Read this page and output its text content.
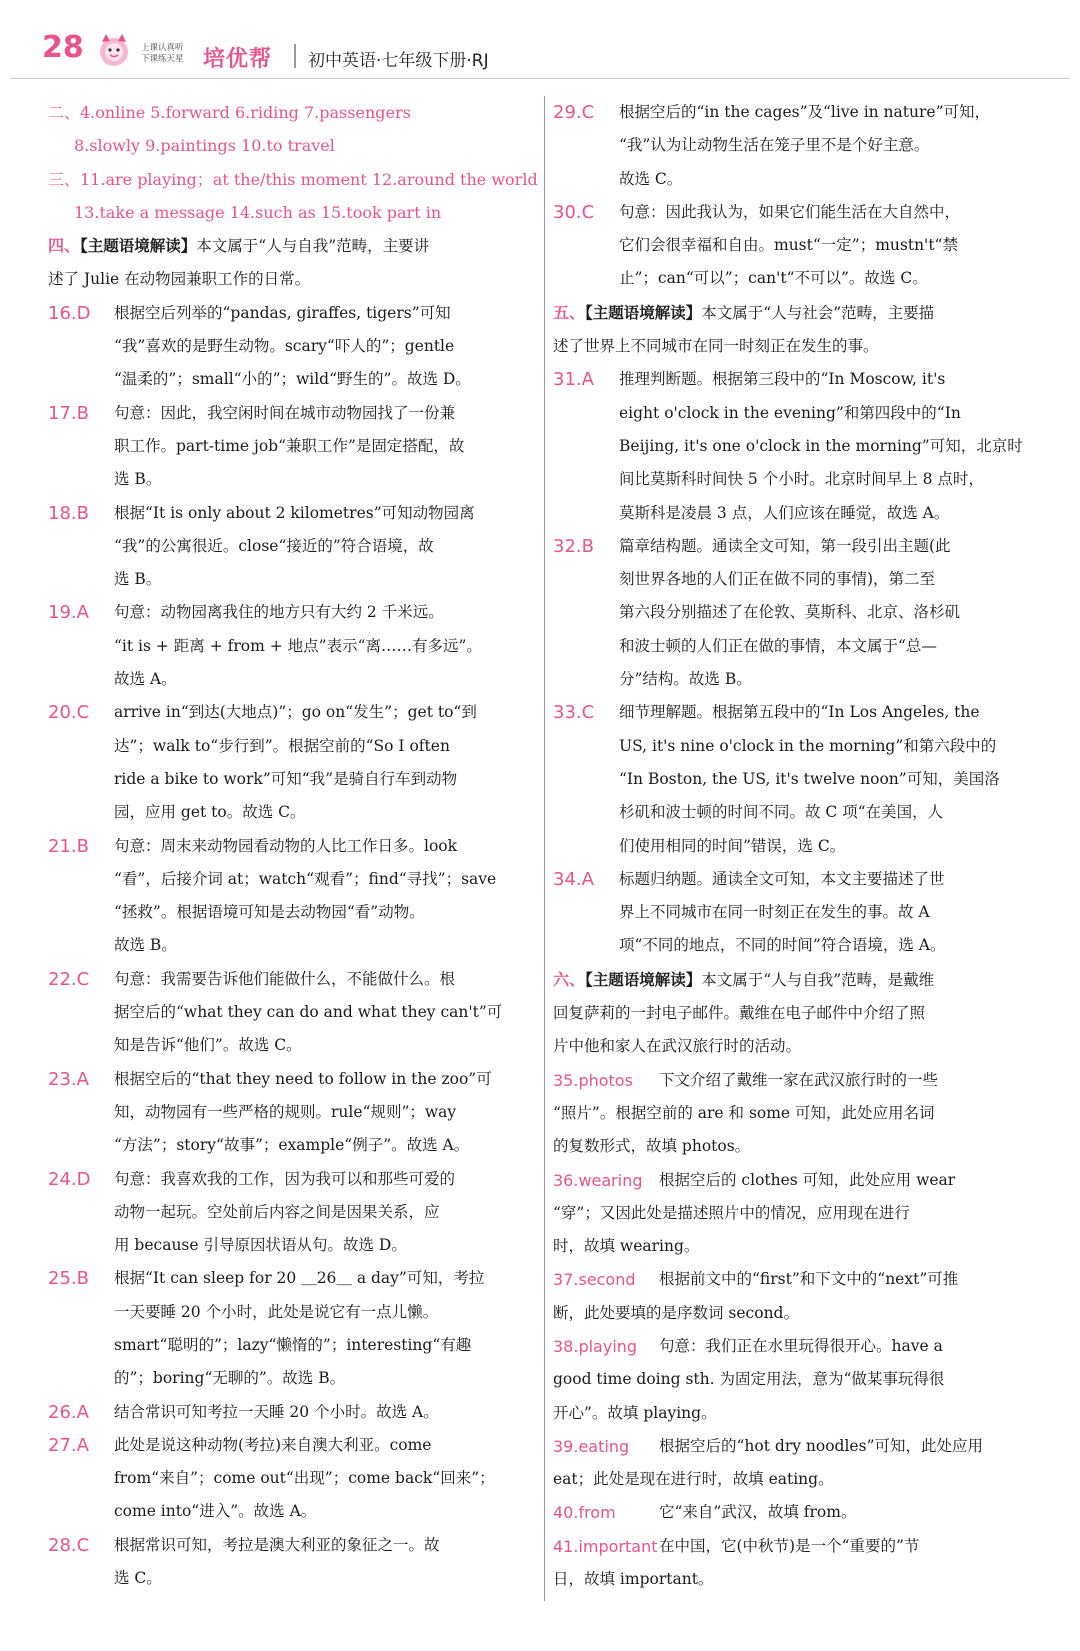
28	上课认真听
下课练天星 培优帮 初中英语·七年级下册·RJ
二、4.online 5.forward 6.riding 7.passengers
8.slowly 9.paintings 10.to travel
三、11.are playing；at the/this moment 12.around the world
13.take a message 14.such as 15.took part in
四、【主题语境解读】本文属于“人与自我”范畴，主要讲
述了 Julie 在动物园兼职工作的日常。
16.D 根据空后列举的“pandas, giraffes, tigers”可知
“我”喜欢的是野生动物。scary“吓人的”；gentle
“温柔的”；small“小的”；wild“野生的”。故选 D。
17.B 句意：因此，我空闲时间在城市动物园找了一份兼
职工作。part-time job“兼职工作”是固定搭配，故
选 B。
18.B 根据“It is only about 2 kilometres”可知动物园离
“我”的公寓很近。close“接近的”符合语境，故
选 B。
19.A 句意：动物园离我住的地方只有大约 2 千米远。
“it is + 距离 + from + 地点”表示“离……有多远”。
故选 A。
20.C arrive in“到达(大地点)”；go on“发生”；get to“到
达”；walk to“步行到”。根据空前的“So I often
ride a bike to work”可知“我”是骑自行车到动物
园，应用 get to。故选 C。
21.B 句意：周末来动物园看动物的人比工作日多。look
“看”，后接介词 at；watch“观看”；find“寻找”；save
“拯救”。根据语境可知是去动物园“看”动物。
故选 B。
22.C 句意：我需要告诉他们能做什么，不能做什么。根
据空后的“what they can do and what they can't”可
知是告诉“他们”。故选 C。
23.A 根据空后的“that they need to follow in the zoo”可
知，动物园有一些严格的规则。rule“规则”；way
“方法”；story“故事”；example“例子”。故选 A。
24.D 句意：我喜欢我的工作，因为我可以和那些可爱的
动物一起玩。空处前后内容之间是因果关系，应
用 because 引导原因状语从句。故选 D。
25.B 根据“It can sleep for 20 ＿26＿ a day”可知，考拉
一天要睡 20 个小时，此处是说它有一点儿懒。
smart“聪明的”；lazy“懒惰的”；interesting“有趣
的”；boring“无聊的”。故选 B。
26.A 结合常识可知考拉一天睡 20 个小时。故选 A。
27.A 此处是说这种动物(考拉)来自澳大利亚。come
from“来自”；come out“出现”；come back“回来”；
come into“进入”。故选 A。
28.C 根据常识可知，考拉是澳大利亚的象征之一。故
选 C。
29.C 根据空后的“in the cages”及“live in nature”可知，
“我”认为让动物生活在笼子里不是个好主意。
故选 C。
30.C 句意：因此我认为，如果它们能生活在大自然中，
它们会很幸福和自由。must“一定”；mustn't“禁
止”；can“可以”；can't“不可以”。故选 C。
五、【主题语境解读】本文属于“人与社会”范畴，主要描
述了世界上不同城市在同一时刻正在发生的事。
31.A 推理判断题。根据第三段中的“In Moscow, it's
eight o'clock in the evening”和第四段中的“In
Beijing, it's one o'clock in the morning”可知，北京时
间比莫斯科时间快 5 个小时。北京时间早上 8 点时，
莫斯科是凌晨 3 点，人们应该在睡觉，故选 A。
32.B 篇章结构题。通读全文可知，第一段引出主题(此
刻世界各地的人们正在做不同的事情)，第二至
第六段分别描述了在伦敦、莫斯科、北京、洛杉矶
和波士顿的人们正在做的事情，本文属于“总—
分”结构。故选 B。
33.C 细节理解题。根据第五段中的“In Los Angeles, the
US, it's nine o'clock in the morning”和第六段中的
“In Boston, the US, it's twelve noon”可知，美国洛
杉矶和波士顿的时间不同。故 C 项“在美国，人
们使用相同的时间”错误，选 C。
34.A 标题归纳题。通读全文可知，本文主要描述了世
界上不同城市在同一时刻正在发生的事。故 A
项“不同的地点，不同的时间”符合语境，选 A。
六、【主题语境解读】本文属于“人与自我”范畴，是戴维
回复萨莉的一封电子邮件。戴维在电子邮件中介绍了照
片中他和家人在武汉旅行时的活动。
35.photos 下文介绍了戴维一家在武汉旅行时的一些
“照片”。根据空前的 are 和 some 可知，此处应用名词
的复数形式，故填 photos。
36.wearing 根据空后的 clothes 可知，此处应用 wear
“穿”；又因此处是描述照片中的情况，应用现在进行
时，故填 wearing。
37.second 根据前文中的“first”和下文中的“next”可推
断，此处要填的是序数词 second。
38.playing 句意：我们正在水里玩得很开心。have a
good time doing sth. 为固定用法，意为“做某事玩得很
开心”。故填 playing。
39.eating 根据空后的“hot dry noodles”可知，此处应用
eat；此处是现在进行时，故填 eating。
40.from	它“来自”武汉，故填 from。
41.important 在中国，它(中秋节)是一个“重要的”节
日，故填 important。
